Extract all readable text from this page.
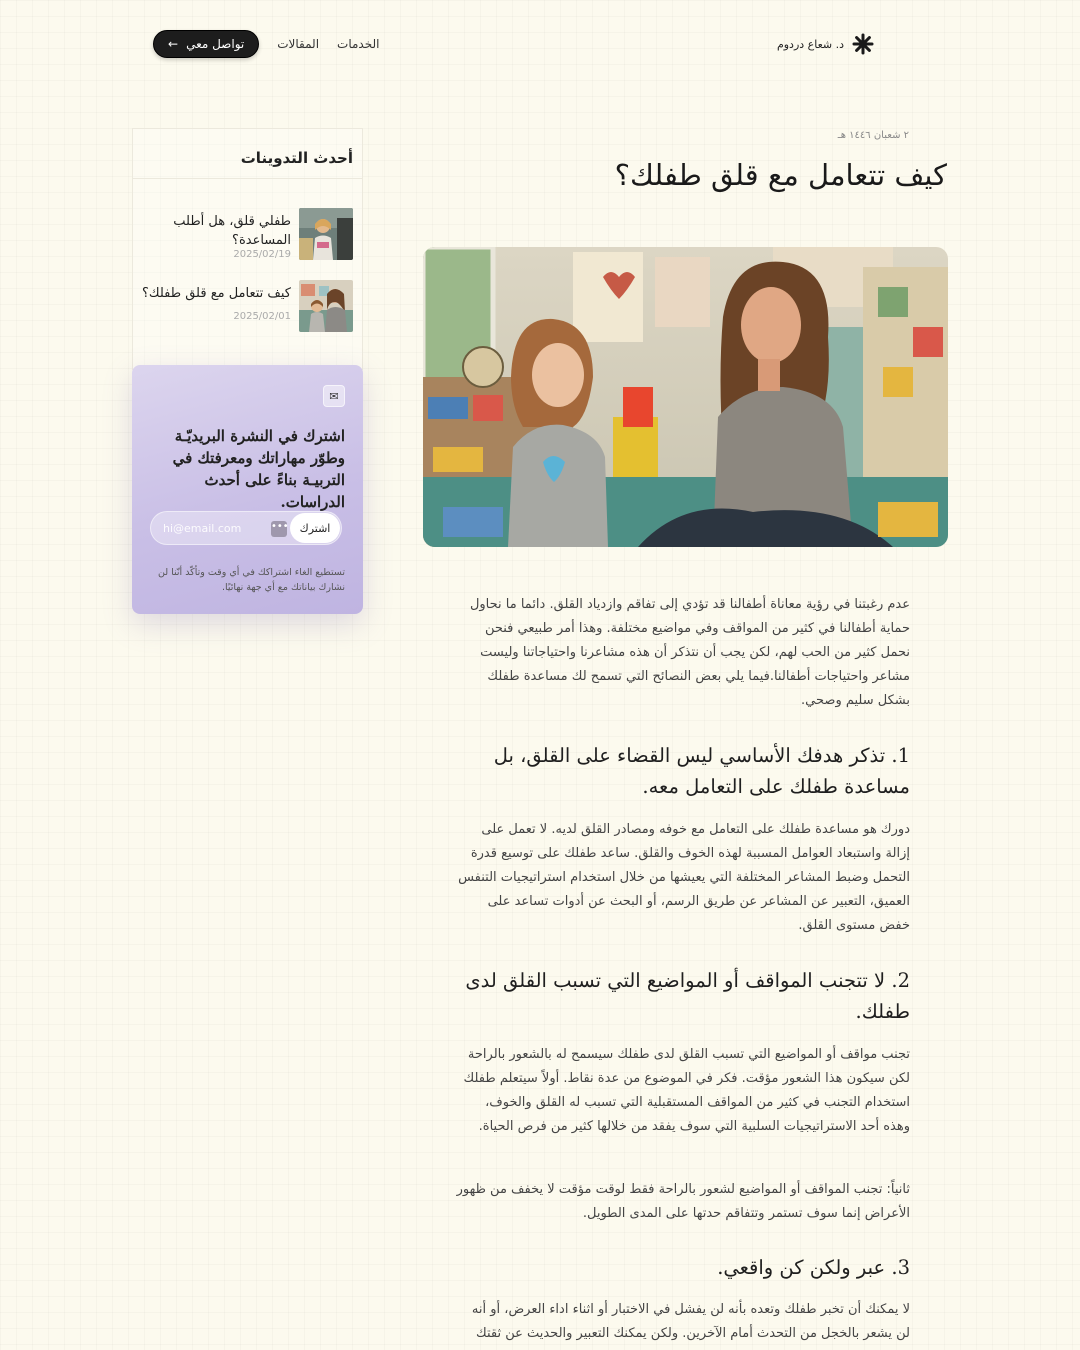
د. شعاع دردوم
← تواصل معي	المقالات الخدمات
أحدث التدوينات
طفلي قلق، هل أطلب المساعدة؟
2025/02/19
كيف تتعامل مع قلق طفلك؟
2025/02/01
✉
اشترك في النشرة البريديّـة وطوّر مهاراتك ومعرفتك في التربيـة بناءً على أحدث الدراسات.
hi@email.com
••• اشترك

تستطيع الغاء اشتراكك في أي وقت وتأكّد أنّنا لن نشارك بياناتك مع أي جهة نهائيًا.

٢ شعبان ١٤٤٦ هـ
كيف تتعامل مع قلق طفلك؟

عدم رغبتنا في رؤية معاناة أطفالنا قد تؤدي إلى تفاقم وازدياد القلق. دائما ما نحاول حماية أطفالنا في كثير من المواقف وفي مواضيع مختلفة. وهذا أمر طبيعي فنحن نحمل كثير من الحب لهم، لكن يجب أن نتذكر أن هذه مشاعرنا واحتياجاتنا وليست مشاعر واحتياجات أطفالنا.فيما يلي بعض النصائح التي تسمح لك مساعدة طفلك بشكل سليم وصحي.

1. تذكر هدفك الأساسي ليس القضاء على القلق، بل مساعدة طفلك على التعامل معه.

دورك هو مساعدة طفلك على التعامل مع خوفه ومصادر القلق لديه. لا تعمل على إزالة واستبعاد العوامل المسببة لهذه الخوف والقلق. ساعد طفلك على توسيع قدرة التحمل وضبط المشاعر المختلفة التي يعيشها من خلال استخدام استراتيجيات التنفس العميق، التعبير عن المشاعر عن طريق الرسم، أو البحث عن أدوات تساعد على خفض مستوى القلق.

2. لا تتجنب المواقف أو المواضيع التي تسبب القلق لدى طفلك.

تجنب مواقف أو المواضيع التي تسبب القلق لدى طفلك سيسمح له بالشعور بالراحة لكن سيكون هذا الشعور مؤقت. فكر في الموضوع من عدة نقاط. أولاً سيتعلم طفلك استخدام التجنب في كثير من المواقف المستقبلية التي تسبب له القلق والخوف، وهذه أحد الاستراتيجيات السلبية التي سوف يفقد من خلالها كثير من فرص الحياة.

ثانياً: تجنب المواقف أو المواضيع لشعور بالراحة فقط لوقت مؤقت لا يخفف من ظهور الأعراض إنما سوف تستمر وتتفاقم حدتها على المدى الطويل.

3. عبر ولكن كن واقعي.

لا يمكنك أن تخبر طفلك وتعده بأنه لن يفشل في الاختبار أو اثناء اداء العرض، أو أنه لن يشعر بالخجل من التحدث أمام الآخرين. ولكن يمكنك التعبير والحديث عن ثقتك
